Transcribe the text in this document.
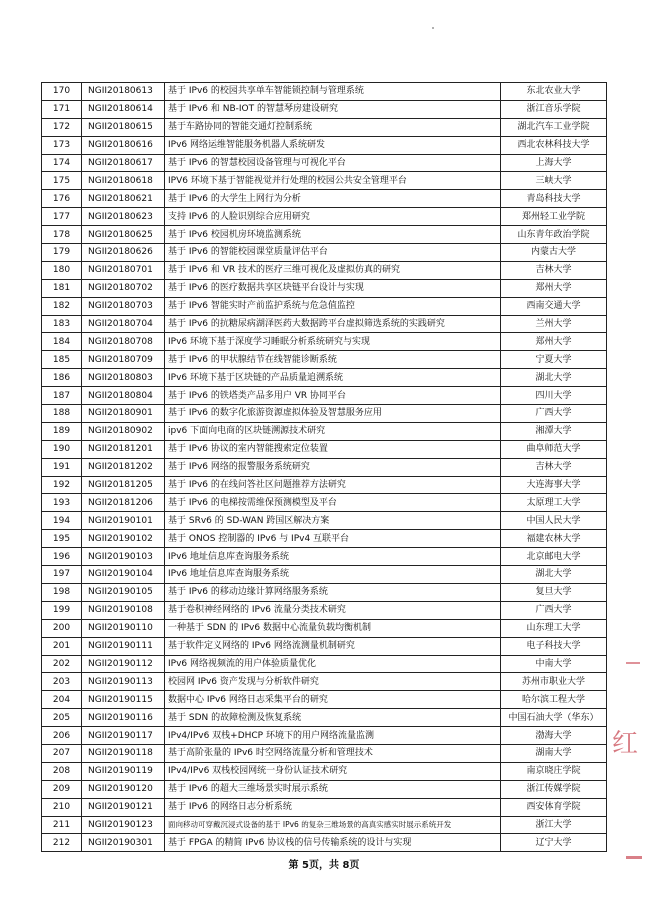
170	NGII20180613	基于 IPv6 的校园共享单车智能锁控制与管理系统	东北农业大学
171	NGII20180614	基于 IPv6 和 NB-IOT 的智慧琴房建设研究	浙江音乐学院
172	NGII20180615	基于车路协同的智能交通灯控制系统	湖北汽车工业学院
173	NGII20180616	IPv6 网络运维智能服务机器人系统研发	西北农林科技大学
174	NGII20180617	基于 IPv6 的智慧校园设备管理与可视化平台	上海大学
175	NGII20180618	IPV6 环境下基于智能视觉并行处理的校园公共安全管理平台	三峡大学
176	NGII20180621	基于 IPv6 的大学生上网行为分析	青岛科技大学
177	NGII20180623	支持 IPv6 的人脸识别综合应用研究	郑州轻工业学院
178	NGII20180625	基于 IPv6 校园机房环境监测系统	山东青年政治学院
179	NGII20180626	基于 IPv6 的智能校园课堂质量评估平台	内蒙古大学
180	NGII20180701	基于 IPv6 和 VR 技术的医疗三维可视化及虚拟仿真的研究	吉林大学
181	NGII20180702	基于 IPv6 的医疗数据共享区块链平台设计与实现	郑州大学
182	NGII20180703	基于 IPv6 智能实时产前监护系统与危急值监控	西南交通大学
183	NGII20180704	基于 IPv6 的抗糖尿病湖泽医药大数据跨平台虚拟筛选系统的实践研究	兰州大学
184	NGII20180708	IPv6 环境下基于深度学习睡眠分析系统研究与实现	郑州大学
185	NGII20180709	基于 IPv6 的甲状腺结节在线智能诊断系统	宁夏大学
186	NGII20180803	IPv6 环境下基于区块链的产品质量追溯系统	湖北大学
187	NGII20180804	基于 IPv6 的铁塔类产品多用户 VR 协同平台	四川大学
188	NGII20180901	基于 IPv6 的数字化旅游资源虚拟体验及智慧服务应用	广西大学
189	NGII20180902	ipv6 下面向电商的区块链溯源技术研究	湘潭大学
190	NGII20181201	基于 IPv6 协议的室内智能搜索定位装置	曲阜师范大学
191	NGII20181202	基于 IPv6 网络的报警服务系统研究	吉林大学
192	NGII20181205	基于 IPv6 的在线问答社区问题推荐方法研究	大连海事大学
193	NGII20181206	基于 IPv6 的电梯按需维保预测模型及平台	太原理工大学
194	NGII20190101	基于 SRv6 的 SD-WAN 跨国区解决方案	中国人民大学
195	NGII20190102	基于 ONOS 控制器的 IPv6 与 IPv4 互联平台	福建农林大学
196	NGII20190103	IPv6 地址信息库查询服务系统	北京邮电大学
197	NGII20190104	IPv6 地址信息库查询服务系统	湖北大学
198	NGII20190105	基于 IPv6 的移动边缘计算网络服务系统	复旦大学
199	NGII20190108	基于卷积神经网络的 IPv6 流量分类技术研究	广西大学
200	NGII20190110	一种基于 SDN 的 IPv6 数据中心流量负载均衡机制	山东理工大学
201	NGII20190111	基于软件定义网络的 IPv6 网络流测量机制研究	电子科技大学
202	NGII20190112	IPv6 网络视频流的用户体验质量优化	中南大学
203	NGII20190113	校园网 IPv6 资产发现与分析软件研究	苏州市职业大学
204	NGII20190115	数据中心 IPv6 网络日志采集平台的研究	哈尔滨工程大学
205	NGII20190116	基于 SDN 的故障检测及恢复系统	中国石油大学（华东）
206	NGII20190117	IPv4/IPv6 双栈+DHCP 环境下的用户网络流量监测	渤海大学
207	NGII20190118	基于高阶张量的 IPv6 时空网络流量分析和管理技术	湖南大学
208	NGII20190119	IPv4/IPv6 双栈校园网统一身份认证技术研究	南京晓庄学院
209	NGII20190120	基于 IPv6 的超大三维场景实时展示系统	浙江传媒学院
210	NGII20190121	基于 IPv6 的网络日志分析系统	西安体育学院
211	NGII20190123	面向移动可穿戴沉浸式设备的基于 IPv6 的复杂三维场景的高真实感实时展示系统开发	浙江大学
212	NGII20190301	基于 FPGA 的精简 IPv6 协议栈的信号传输系统的设计与实现	辽宁大学
第 5页，共 8页
红
